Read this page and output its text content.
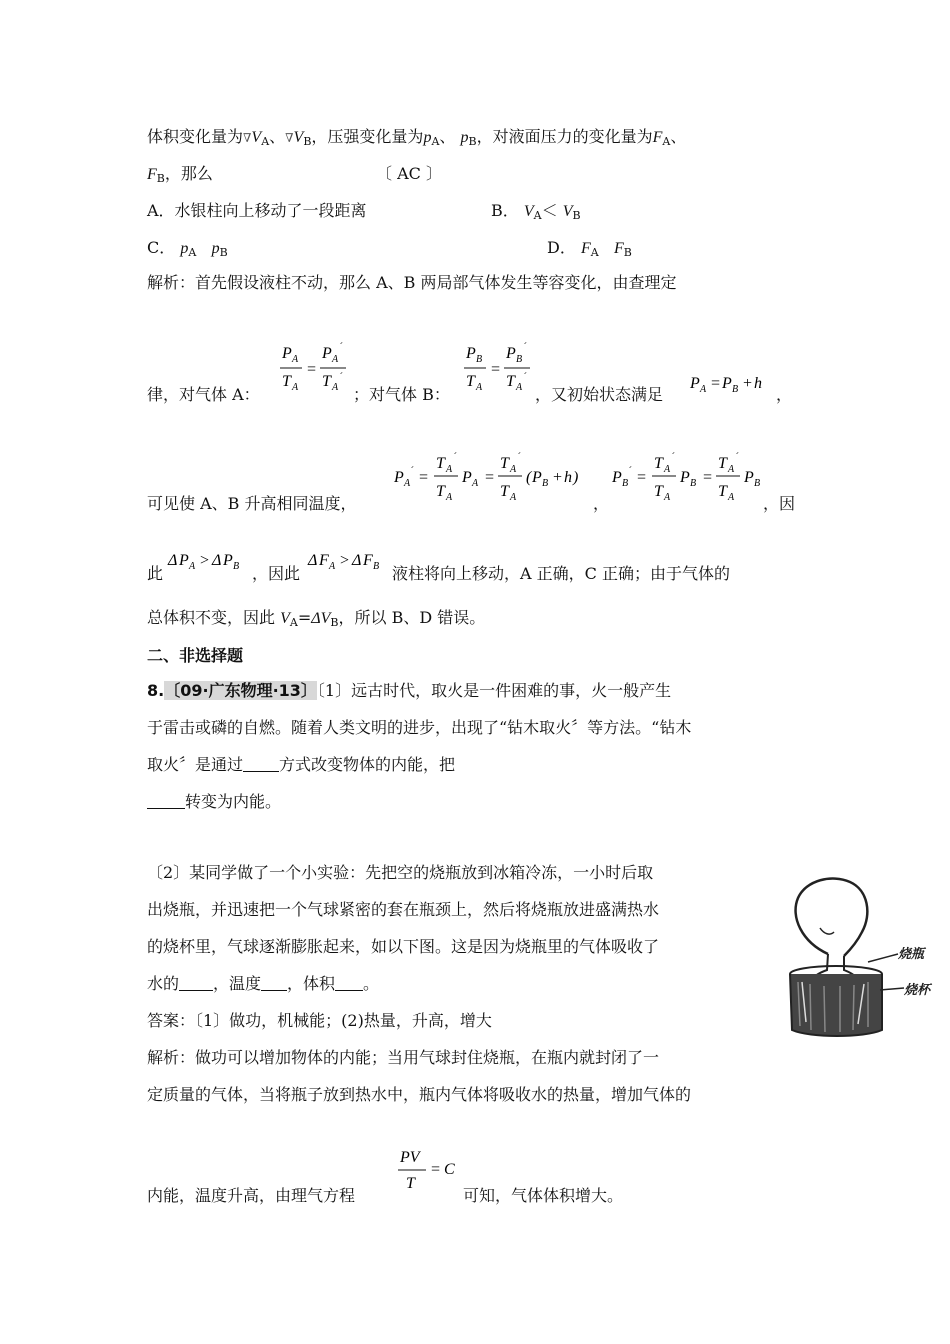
体积变化量为$\nabla V_A$、$\nabla V_B$，压强变化量为$p_A$、 $p_B$，对液面压力的变化量为$F_A$、
$F_B$，那么	〔 AC 〕
A．水银柱向上移动了一段距离	B． $V_A< V_B$
C． $p_A$ $p_B$	D． $F_A$ $F_B$
解析：首先假设液柱不动，那么 A、B 两局部气体发生等容变化，由查理定
律，对气体 A：
P A
T A
=
P A
´
T A
´
；对气体 B：
P B
T A
=
P B
´
T A
´
，又初始状态满足
P A = P B + h
，
可见使 A、B 升高相同温度，
P A
´ =
T A
´
T A
P A =
T A
´
T A
( P B + h )
，
P B
´ =
T A
´
T A
P B =
T A
´
T A
P B
，因
此
Δ P A > Δ P B ，因此
Δ F A > Δ F B 液柱将向上移动，A 正确，C 正确；由于气体的
总体积不变，因此 $V_A=\Delta V_B$，所以 B、D 错误。
二、非选择题
8.〔09·广东物理·13〕〔1〕远古时代，取火是一件困难的事，火一般产生
于雷击或磷的自燃。随着人类文明的进步，出现了“钻木取火〞等方法。“钻木
取火〞是通过 方式改变物体的内能，把
转变为内能。
〔2〕某同学做了一个小实验：先把空的烧瓶放到冰箱冷冻，一小时后取
出烧瓶，并迅速把一个气球紧密的套在瓶颈上，然后将烧瓶放进盛满热水
的烧杯里，气球逐渐膨胀起来，如以下图。这是因为烧瓶里的气体吸收了
水的 ，温度 ，体积 。
烧瓶
烧杯
答案：〔1〕做功，机械能；(2)热量，升高，增大
解析：做功可以增加物体的内能；当用气球封住烧瓶，在瓶内就封闭了一
定质量的气体，当将瓶子放到热水中，瓶内气体将吸收水的热量，增加气体的
内能，温度升高，由理气方程
PV
T
= C
可知，气体体积增大。
